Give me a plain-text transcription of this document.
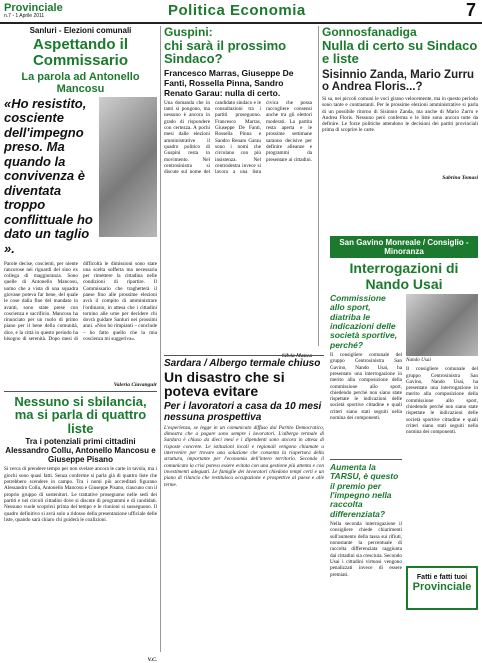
Provinciale
n.7 - 1 Aprile 2011	Politica Economia	7
Sanluri - Elezioni comunali
Aspettando il Commissario
La parola ad Antonello Mancosu

«Ho resistito, cosciente dell'impegno preso. Ma quando la convivenza è diventata troppo conflittuale ho dato un taglio ».

Parole decise, coscienti, per niente rancorose nei riguardi del sino ex collega di maggioranza. Sono quelle di Antonello Mancosu, uomo che a vista di una squadra giovane poteva far bene, del quale le cose dalla fine del mandato in avanti, sono state prese con coscienza e sacrificio. Mancosu ha rinunciato per un ruolo di primo piano per il bene della comunità, dice, e la città in questo periodo ha bisogno di serenità. Dopo mesi di difficoltà le dimissioni sono state una scelta sofferta ma necessaria per rimettere la cittadina nelle condizioni di ripartire. Il Commissario che traghetterà il paese fino alle prossime elezioni avrà il compito di amministrare l'ordinario, in attesa che i cittadini tornino alle urne per decidere chi dovrà guidare Sanluri nei prossimi anni. «Non ho rimpianti – conclude – ho fatto quello che la mia coscienza mi suggeriva».

Valeria Ciavanguir
Nessuno si sbilancia, ma si parla di quattro liste
Tra i potenziali primi cittadini Alessandro Collu, Antonello Mancosu e Giuseppe Pisano

Si cerca di prendere tempo per non svelare ancora le carte in tavola, ma i giochi sono quasi fatti. Senza conferme si parla già di quattro liste che potrebbero scendere in campo. Tra i nomi più accreditati figurano Alessandro Collu, Antonello Mancosu e Giuseppe Pisano, ciascuno con il proprio gruppo di sostenitori. Le trattative proseguono nelle sedi dei partiti e nei circoli cittadini dove si discute di programmi e di candidati. Nessuno vuole scoprirsi prima del tempo e le riunioni si susseguono. Il quadro definitivo si avrà solo a ridosso della presentazione ufficiale delle liste, quando sarà chiaro chi guiderà le coalizioni.

V.C.
Guspini:
chi sarà il prossimo Sindaco?
Francesco Marras, Giuseppe De Fanti, Rossella Pinna, Sandro Renato Garau: nulla di certo.

Una domanda che in tanti si pongono, ma nessuno è ancora in grado di rispondere con certezza. A pochi mesi dalle elezioni amministrative il quadro politico di Guspini resta in movimento. Nel centrosinistra si discute sul nome del candidato sindaco e le consultazioni tra i partiti proseguono. Francesco Marras, Giuseppe De Fanti, Rossella Pinna e Sandro Renato Garau sono i nomi che circolano con più insistenza. Nel centrodestra invece si lavora a una lista civica che possa raccogliere consensi anche tra gli elettori moderati. La partita resta aperta e le prossime settimane saranno decisive per definire alleanze e programmi da presentare ai cittadini.

Silvia Manca
Sardara / Albergo termale chiuso
Un disastro che si poteva evitare
Per i lavoratori a casa da 10 mesi nessuna prospettiva

L'esperienza, se legge in un comunicato diffuso dal Partito Democratico, dimostra che a pagare sono sempre i lavoratori. L'albergo termale di Sardara è chiuso da dieci mesi e i dipendenti sono ancora in attesa di risposte concrete. Le istituzioni locali e regionali vengono chiamate a intervenire per trovare una soluzione che consenta la riapertura della struttura, importante per l'economia dell'intero territorio. Secondo il comunicato la crisi poteva essere evitata con una gestione più attenta e con investimenti adeguati. Le famiglie dei lavoratori chiedono tempi certi e un piano di rilancio che restituisca occupazione e prospettive al paese e alle terme.

Gonnosfanadiga
Nulla di certo su Sindaco e liste
Sisinnio Zanda, Mario Zurru o Andrea Floris...?

Si sa, nei piccoli comuni le voci girano velocemente, ma in questo periodo sono tante e contrastanti. Per le prossime elezioni amministrative si parla di un possibile ritorno di Sisinnio Zanda, ma anche di Mario Zurru e Andrea Floris. Nessuno però conferma e le liste sono ancora tutte da definire. Le forze politiche attendono le decisioni dei partiti provinciali prima di scoprire le carte.

Sabrina Tomasi
San Gavino Monreale / Consiglio - Minoranza
Interrogazioni di Nando Usai

Commissione allo sport, diatriba le indicazioni delle società sportive, perché?

Il consigliere comunale del gruppo Centrosinistra San Gavino, Nando Usai, ha presentato una interrogazione in merito alla composizione della commissione allo sport, chiedendo perché non siano state rispettate le indicazioni delle società sportive cittadine e quali criteri siano stati seguiti nella nomina dei componenti.

Aumenta la TARSU, è questo il premio per l'impegno nella raccolta differenziata?

Nella seconda interrogazione il consigliere chiede chiarimenti sull'aumento della tassa sui rifiuti, nonostante la percentuale di raccolta differenziata raggiunta dai cittadini sia cresciuta. Secondo Usai i cittadini virtuosi vengono penalizzati invece di essere premiati.

Nando Usai

Il consigliere comunale del gruppo Centrosinistra San Gavino, Nando Usai, ha presentato una interrogazione in merito alla composizione della commissione allo sport, chiedendo perché non siano state rispettate le indicazioni delle società sportive cittadine e quali criteri siano stati seguiti nella nomina dei componenti.

Fatti e fatti tuoi
Provinciale
